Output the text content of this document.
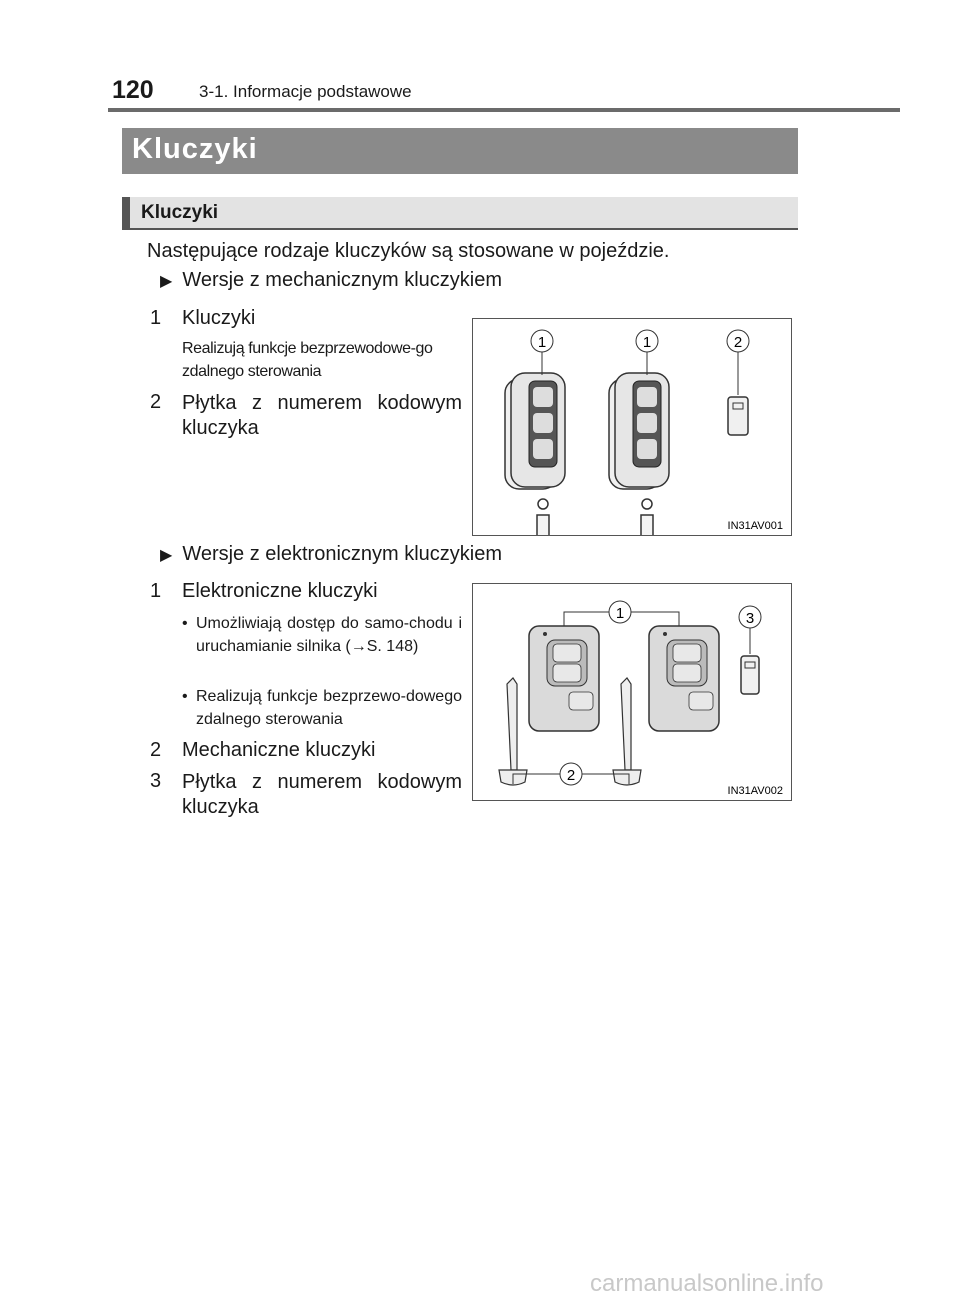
120	3-1. Informacje podstawowe
Kluczyki
Kluczyki
Następujące rodzaje kluczyków są stosowane w pojeździe.
▶ Wersje z mechanicznym kluczykiem
1 Kluczyki
Realizują funkcje bezprzewodowe-go zdalnego sterowania
2 Płytka z numerem kodowym kluczyka
1	1	2
IN31AV001
▶ Wersje z elektronicznym kluczykiem
1 Elektroniczne kluczyki
• Umożliwiają dostęp do samo-chodu i uruchamianie silnika (→S. 148)
• Realizują funkcje bezprzewo-dowego zdalnego sterowania
2 Mechaniczne kluczyki
3 Płytka z numerem kodowym kluczyka
1	3
2
IN31AV002
carmanualsonline.info
